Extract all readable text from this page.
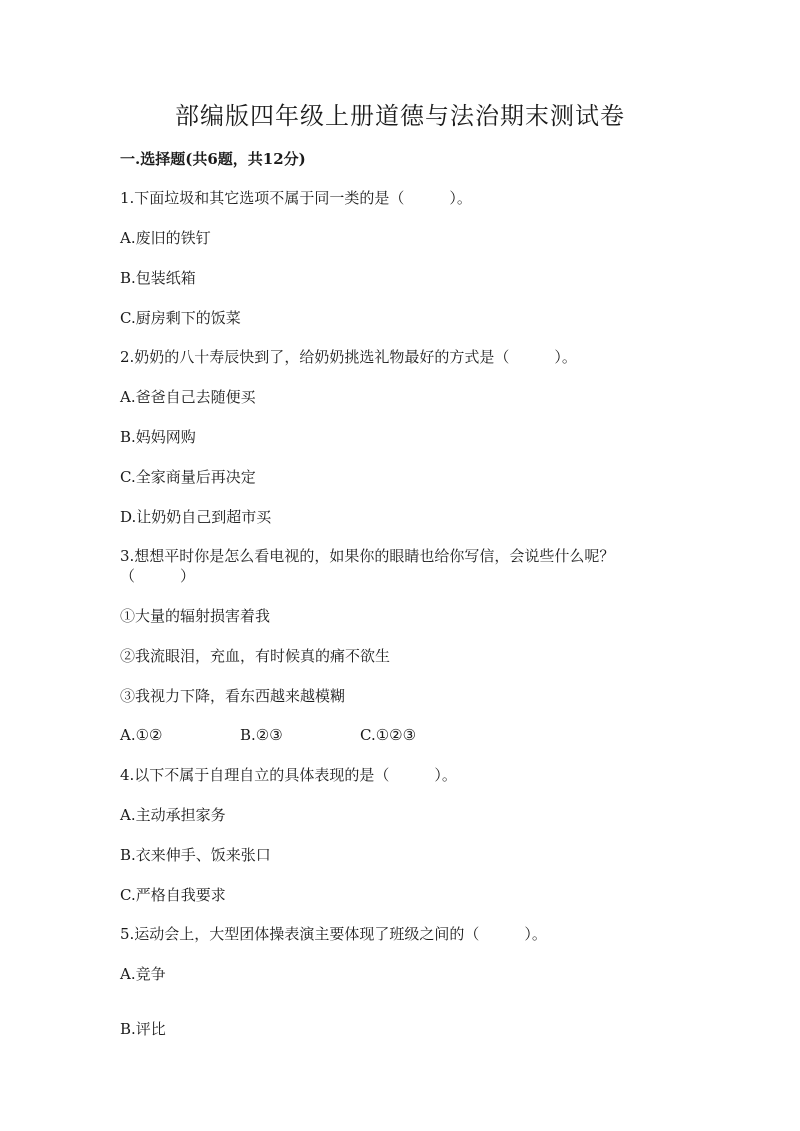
部编版四年级上册道德与法治期末测试卷
一.选择题(共6题，共12分)
1.下面垃圾和其它选项不属于同一类的是（　　　）。
A.废旧的铁钉
B.包装纸箱
C.厨房剩下的饭菜
2.奶奶的八十寿辰快到了，给奶奶挑选礼物最好的方式是（　　　）。
A.爸爸自己去随便买
B.妈妈网购
C.全家商量后再决定
D.让奶奶自己到超市买
3.想想平时你是怎么看电视的，如果你的眼睛也给你写信，会说些什么呢？
（　　　）
①大量的辐射损害着我
②我流眼泪，充血，有时候真的痛不欲生
③我视力下降，看东西越来越模糊
A.①②	B.②③	C.①②③
4.以下不属于自理自立的具体表现的是（　　　）。
A.主动承担家务
B.衣来伸手、饭来张口
C.严格自我要求
5.运动会上，大型团体操表演主要体现了班级之间的（　　　）。
A.竞争
B.评比
